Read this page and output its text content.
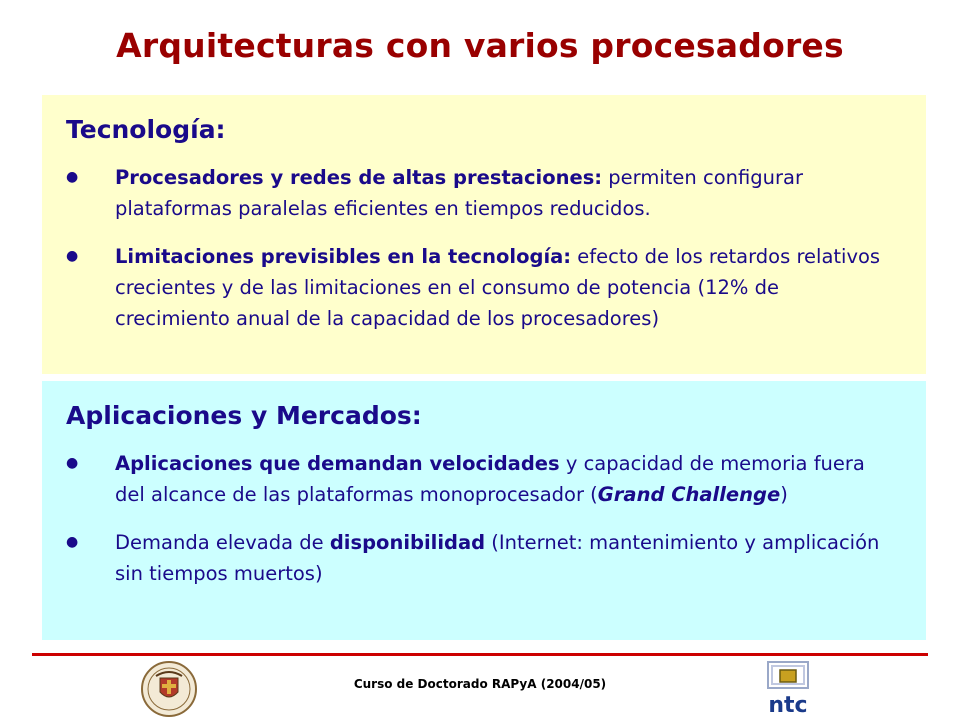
Arquitecturas con varios procesadores
Tecnología:
●	Procesadores y redes de altas prestaciones: permiten configurar plataformas paralelas eficientes en tiempos reducidos.
●	Limitaciones previsibles en la tecnología: efecto de los retardos relativos crecientes y de las limitaciones en el consumo de potencia (12% de crecimiento anual de la capacidad de los procesadores)
Aplicaciones y Mercados:
●	Aplicaciones que demandan velocidades y capacidad de memoria fuera del alcance de las plataformas monoprocesador (Grand Challenge)
●	Demanda elevada de disponibilidad (Internet: mantenimiento y amplicación sin tiempos muertos)
Curso de Doctorado RAPyA (2004/05)
ntc
